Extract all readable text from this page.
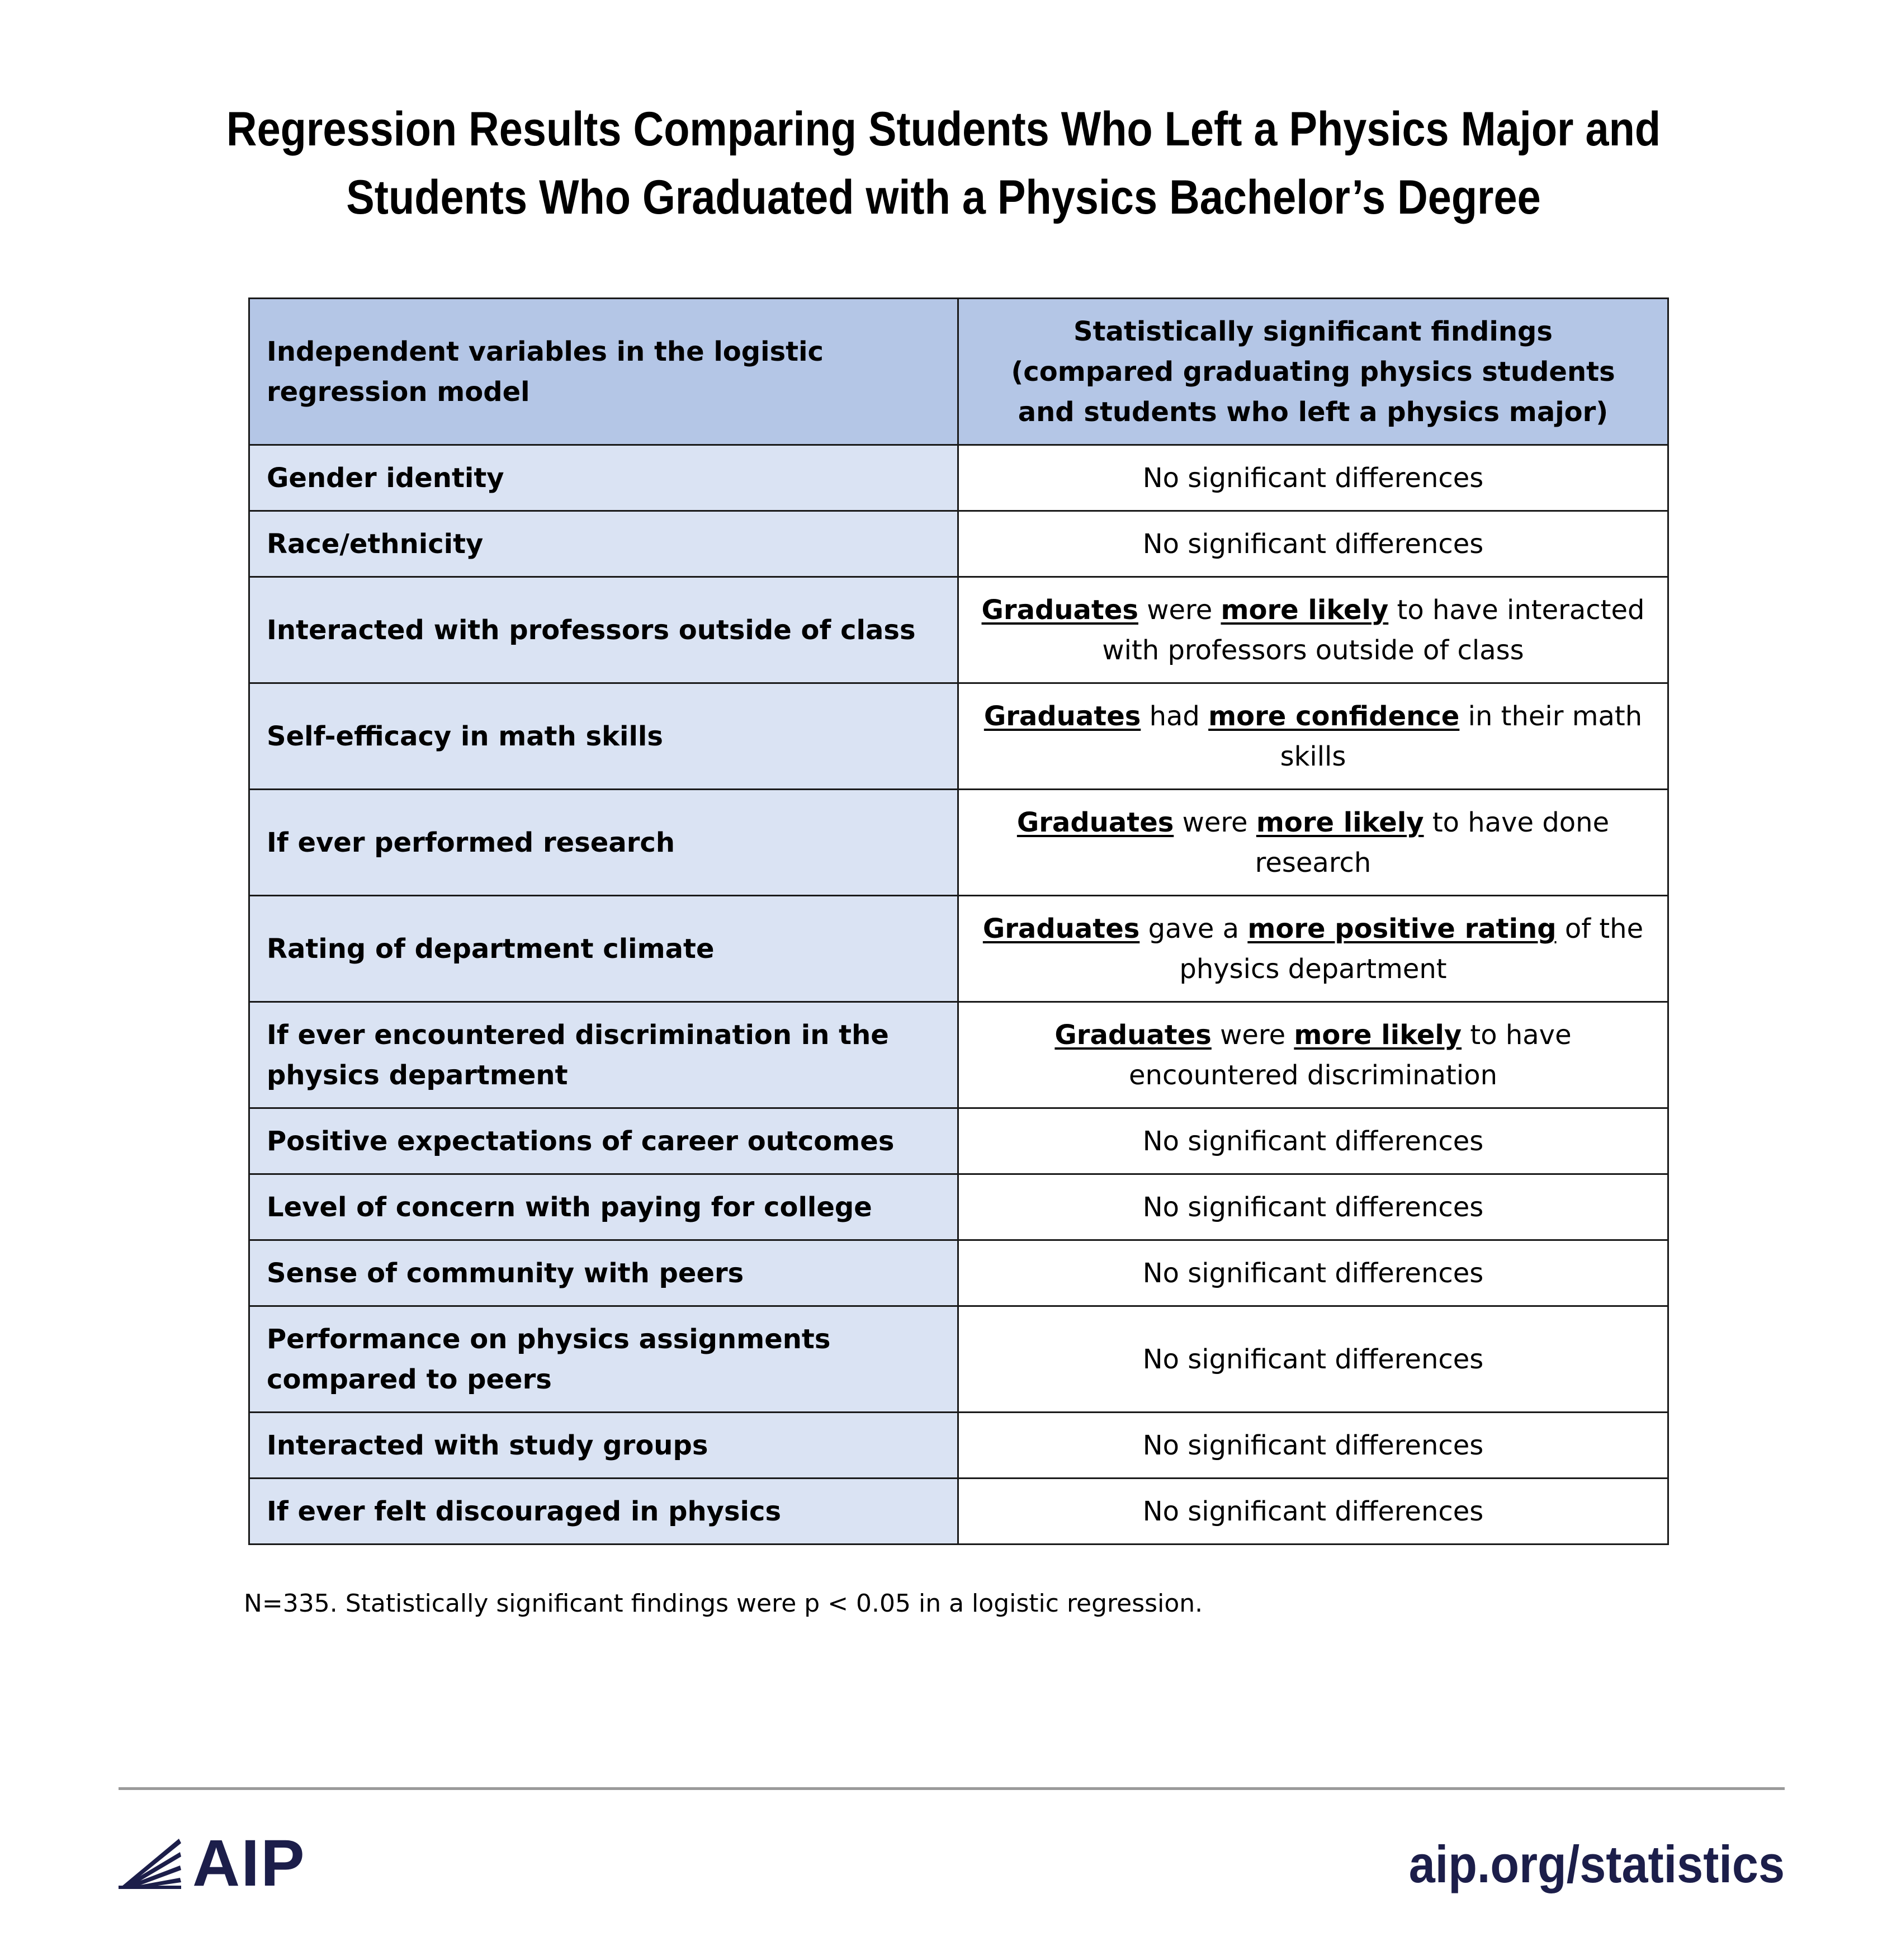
Regression Results Comparing Students Who Left a Physics Major and
Students Who Graduated with a Physics Bachelor’s Degree
Independent variables in the logistic regression model	Statistically significant findings
(compared graduating physics students and students who left a physics major)
Gender identity	No significant differences
Race/ethnicity	No significant differences
Interacted with professors outside of class	Graduates were more likely to have interacted with professors outside of class
Self-efficacy in math skills	Graduates had more confidence in their math skills
If ever performed research	Graduates were more likely to have done research
Rating of department climate	Graduates gave a more positive rating of the physics department
If ever encountered discrimination in the physics department	Graduates were more likely to have encountered discrimination
Positive expectations of career outcomes	No significant differences
Level of concern with paying for college	No significant differences
Sense of community with peers	No significant differences
Performance on physics assignments compared to peers	No significant differences
Interacted with study groups	No significant differences
If ever felt discouraged in physics	No significant differences
N=335. Statistically significant findings were p < 0.05 in a logistic regression.
AIP	aip.org/statistics
